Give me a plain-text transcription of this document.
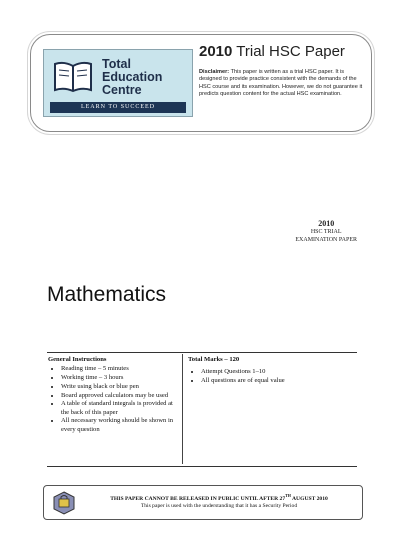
Total
Education
Centre
LEARN TO SUCCEED
2010 Trial HSC Paper
Disclaimer: This paper is written as a trial HSC paper. It is designed to provide practice consistent with the demands of the HSC course and its examination. However, we do not guarantee it predicts question content for the actual HSC examination.
2010
HSC TRIAL
EXAMINATION PAPER
Mathematics
General Instructions
• Reading time – 5 minutes
• Working time – 3 hours
• Write using black or blue pen
• Board approved calculators may be used
• A table of standard integrals is provided at the back of this paper
• All necessary working should be shown in every question
Total Marks – 120
• Attempt Questions 1–10
• All questions are of equal value
THIS PAPER CANNOT BE RELEASED IN PUBLIC UNTIL AFTER 27TH AUGUST 2010
This paper is used with the understanding that it has a Security Period
